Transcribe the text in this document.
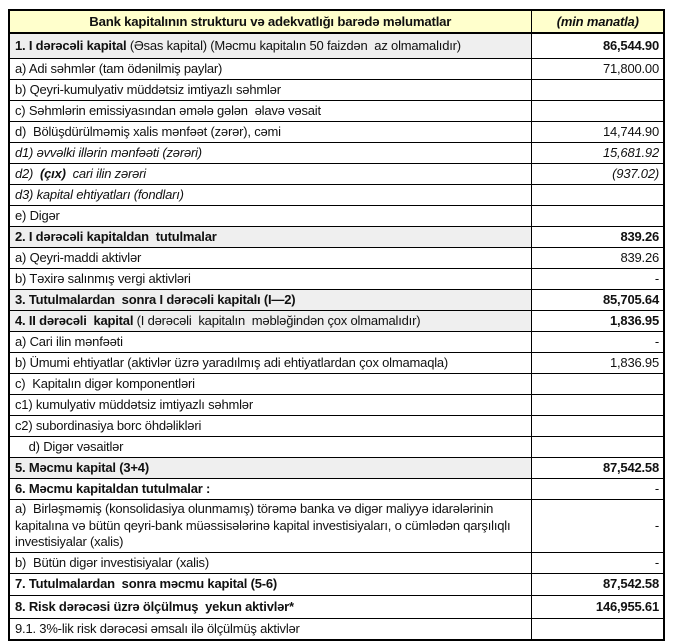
Bank kapitalının strukturu və adekvatlığı barədə məlumatlar	(min manatla)
1. I dərəcəli kapital (Əsas kapital) (Məcmu kapitalın 50 faizdən  az olmamalıdır)	86,544.90
a) Adi səhmlər (tam ödənilmiş paylar)	71,800.00
b) Qeyri-kumulyativ müddətsiz imtiyazlı səhmlər	
c) Səhmlərin emissiyasından əmələ gələn  əlavə vəsait	
d)  Bölüşdürülməmiş xalis mənfəət (zərər), cəmi	14,744.90
d1) əvvəlki illərin mənfəəti (zərəri)	15,681.92
d2)  (çıx)  cari ilin zərəri	(937.02)
d3) kapital ehtiyatları (fondları)	
e) Digər	
2. I dərəcəli kapitaldan  tutulmalar	839.26
a) Qeyri-maddi aktivlər	839.26
b) Təxirə salınmış vergi aktivləri	-
3. Tutulmalardan  sonra I dərəcəli kapitalı (I—2)	85,705.64
4. II dərəcəli  kapital (I dərəcəli  kapitalın  məbləğindən çox olmamalıdır)	1,836.95
a) Cari ilin mənfəəti	-
b) Ümumi ehtiyatlar (aktivlər üzrə yaradılmış adi ehtiyatlardan çox olmamaqla)	1,836.95
c)  Kapitalın digər komponentləri	
c1) kumulyativ müddətsiz imtiyazlı səhmlər	
c2) subordinasiya borc öhdəlikləri	
d) Digər vəsaitlər	
5. Məcmu kapital (3+4)	87,542.58
6. Məcmu kapitaldan tutulmalar :	-
a)  Birləşməmiş (konsolidasiya olunmamış) törəmə banka və digər maliyyə idarələrinin kapitalına və bütün qeyri-bank müəssisələrinə kapital investisiyaları, o cümlədən qarşılıqlı investisiyalar (xalis)	-
b)  Bütün digər investisiyalar (xalis)	-
7. Tutulmalardan  sonra məcmu kapital (5-6)	87,542.58
8. Risk dərəcəsi üzrə ölçülmuş  yekun aktivlər*	146,955.61
9.1. 3%-lik risk dərəcəsi əmsalı ilə ölçülmüş aktivlər	
